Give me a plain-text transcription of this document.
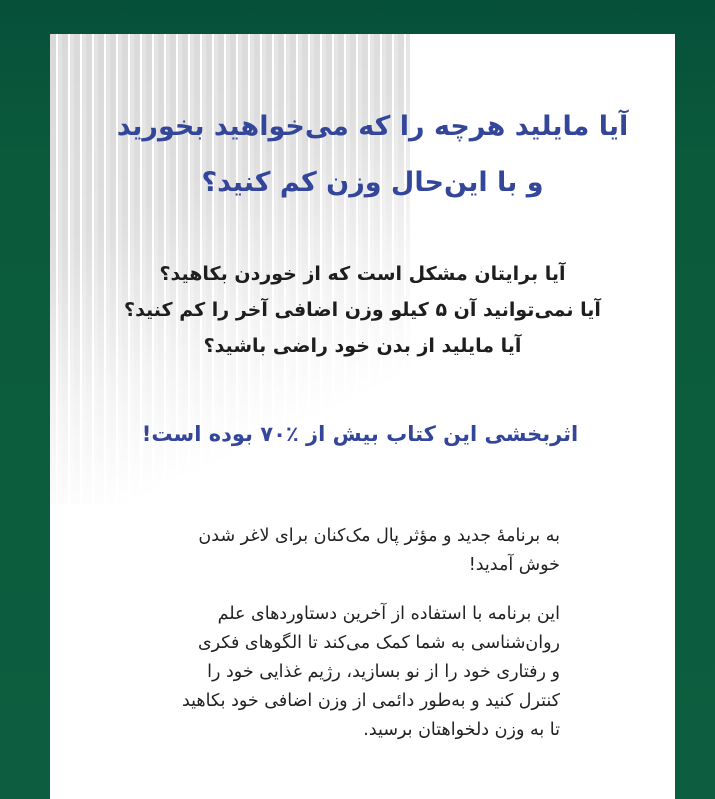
آیا مایلید هرچه را که می‌خواهید بخورید
و با این‌حال وزن کم کنید؟
آیا برایتان مشکل است که از خوردن بکاهید؟
آیا نمی‌توانید آن ۵ کیلو وزن اضافی آخر را کم کنید؟
آیا مایلید از بدن خود راضی باشید؟
اثربخشی این کتاب بیش از ٪۷۰ بوده است!

به برنامۀ جدید و مؤثر پال مک‌کنان برای لاغر شدن
خوش آمدید!

این برنامه با استفاده از آخرین دستاوردهای علم
روان‌شناسی به شما کمک می‌کند تا الگوهای فکری
و رفتاری خود را از نو بسازید، رژیم غذایی خود را
کنترل کنید و به‌طور دائمی از وزن اضافی خود بکاهید
تا به وزن دلخواهتان برسید.
